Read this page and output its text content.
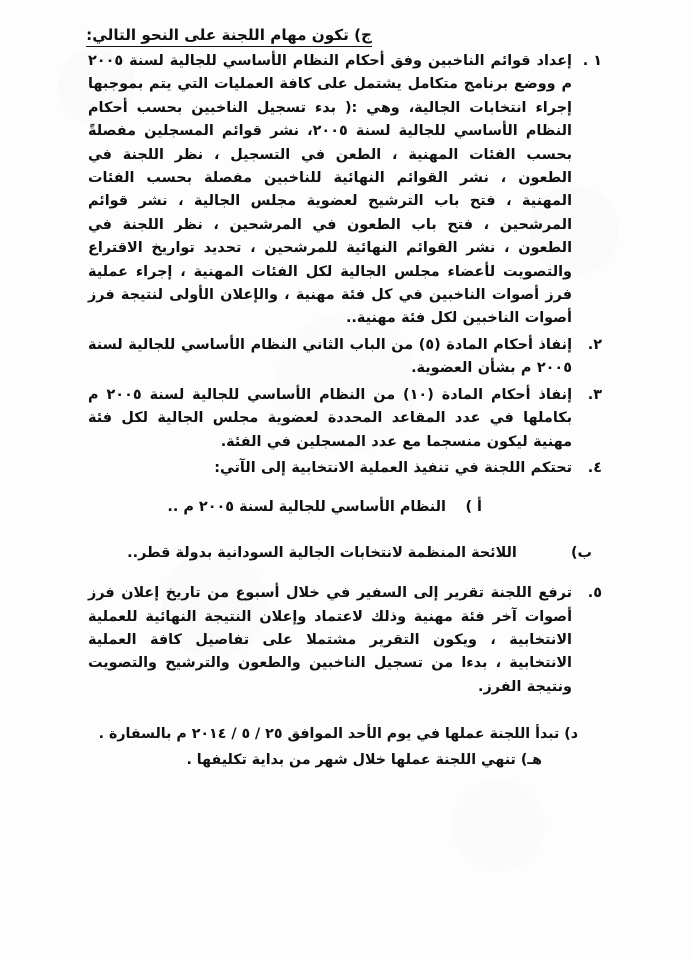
ج) تكون مهام اللجنة على النحو التالي:
١ .
إعداد قوائم الناخبين وفق أحكام النظام الأساسي للجالية لسنة ٢٠٠٥ م ووضع برنامج متكامل يشتمل على كافة العمليات التي يتم بموجبها إجراء انتخابات الجالية، وهي :( بدء تسجيل الناخبين بحسب أحكام النظام الأساسي للجالية لسنة ٢٠٠٥، نشر قوائم المسجلين مفصلةً بحسب الفئات المهنية ، الطعن في التسجيل ، نظر اللجنة في الطعون ، نشر القوائم النهائية للناخبين مفصلة بحسب الفئات المهنية ، فتح باب الترشيح لعضوية مجلس الجالية ، نشر قوائم المرشحين ، فتح باب الطعون في المرشحين ، نظر اللجنة في الطعون ، نشر القوائم النهائية للمرشحين ، تحديد تواريخ الاقتراع والتصويت لأعضاء مجلس الجالية لكل الفئات المهنية ، إجراء عملية فرز أصوات الناخبين في كل فئة مهنية ، والإعلان الأولى لنتيجة فرز أصوات الناخبين لكل فئة مهنية..
٢.
إنفاذ أحكام المادة (٥) من الباب الثاني النظام الأساسي للجالية لسنة ٢٠٠٥ م بشأن العضوية.
٣.
إنفاذ أحكام المادة (١٠) من النظام الأساسي للجالية لسنة ٢٠٠٥ م بكاملها في عدد المقاعد المحددة لعضوية مجلس الجالية لكل فئة مهنية ليكون منسجما مع عدد المسجلين في الفئة.
٤.
تحتكم اللجنة في تنفيذ العملية الانتخابية إلى الآتي:
أ )
النظام الأساسي للجالية لسنة ٢٠٠٥ م ..
ب)
اللائحة المنظمة لانتخابات الجالية السودانية بدولة قطر..
٥.
ترفع اللجنة تقرير إلى السفير في خلال أسبوع من تاريخ إعلان فرز أصوات آخر فئة مهنية وذلك لاعتماد وإعلان النتيجة النهائية للعملية الانتخابية ، ويكون التقرير مشتملا على تفاصيل كافة العملية الانتخابية ، بدءا من تسجيل الناخبين والطعون والترشيح والتصويت ونتيجة الفرز.

د) تبدأ اللجنة عملها في يوم الأحد الموافق ٢٥ / ٥ / ٢٠١٤ م بالسفارة .

هـ) تنهي اللجنة عملها خلال شهر من بداية تكليفها .
